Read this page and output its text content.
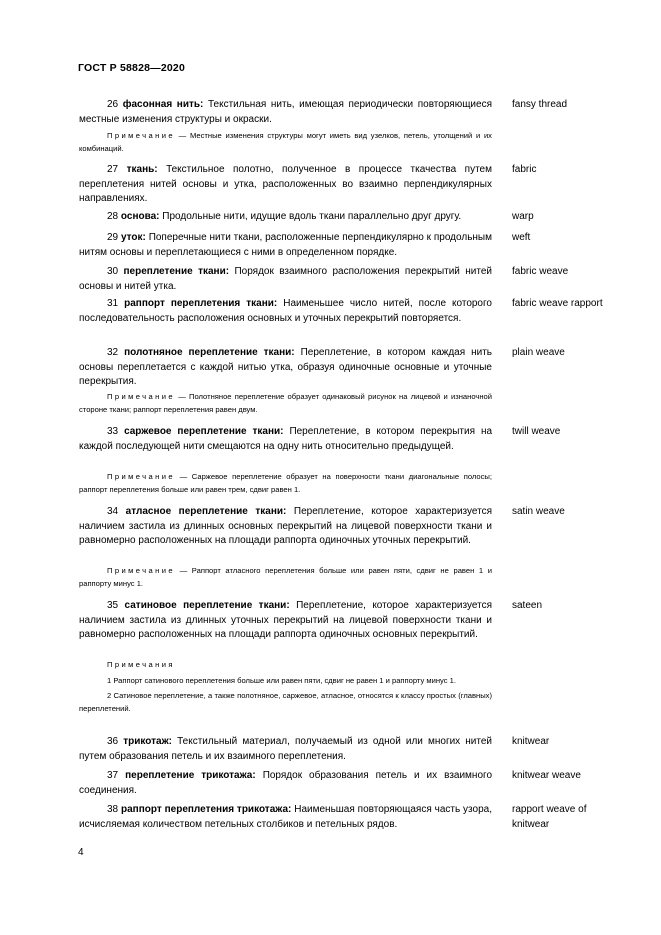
ГОСТ Р 58828—2020
26 фасонная нить: Текстильная нить, имеющая периодически повторяющиеся местные изменения структуры и окраски.
fansy thread

Примечание — Местные изменения структуры могут иметь вид узелков, петель, утолщений и их комбинаций.

27 ткань: Текстильное полотно, полученное в процессе ткачества путем переплетения нитей основы и утка, расположенных во взаимно перпендикулярных направлениях.
fabric
28 основа: Продольные нити, идущие вдоль ткани параллельно друг другу.	warp
29 уток: Поперечные нити ткани, расположенные перпендикулярно к продольным нитям основы и переплетающиеся с ними в определенном порядке.
weft
30 переплетение ткани: Порядок взаимного расположения перекрытий нитей основы и нитей утка.
fabric weave
31 раппорт переплетения ткани: Наименьшее число нитей, после которого последовательность расположения основных и уточных перекрытий повторяется.
fabric weave rapport
32 полотняное переплетение ткани: Переплетение, в котором каждая нить основы переплетается с каждой нитью утка, образуя одиночные основные и уточные перекрытия.
plain weave

Примечание — Полотняное переплетение образует одинаковый рисунок на лицевой и изнаночной стороне ткани; раппорт переплетения равен двум.

33 саржевое переплетение ткани: Переплетение, в котором перекрытия на каждой последующей нити смещаются на одну нить относительно предыдущей.
twill weave

Примечание — Саржевое переплетение образует на поверхности ткани диагональные полосы; раппорт переплетения больше или равен трем, сдвиг равен 1.

34 атласное переплетение ткани: Переплетение, которое характеризуется наличием застила из длинных основных перекрытий на лицевой поверхности ткани и равномерно расположенных на площади раппорта одиночных уточных перекрытий.
satin weave

Примечание — Раппорт атласного переплетения больше или равен пяти, сдвиг не равен 1 и раппорту минус 1.

35 сатиновое переплетение ткани: Переплетение, которое характеризуется наличием застила из длинных уточных перекрытий на лицевой поверхности ткани и равномерно расположенных на площади раппорта одиночных основных перекрытий.
sateen

Примечания

1 Раппорт сатинового переплетения больше или равен пяти, сдвиг не равен 1 и раппорту минус 1.

2 Сатиновое переплетение, а также полотняное, саржевое, атласное, относятся к классу простых (главных) переплетений.

36 трикотаж: Текстильный материал, получаемый из одной или многих нитей путем образования петель и их взаимного переплетения.
knitwear
37 переплетение трикотажа: Порядок образования петель и их взаимного соединения.
knitwear weave
38 раппорт переплетения трикотажа: Наименьшая повторяющаяся часть узора, исчисляемая количеством петельных столбиков и петельных рядов.
rapport weave of knitwear
4
